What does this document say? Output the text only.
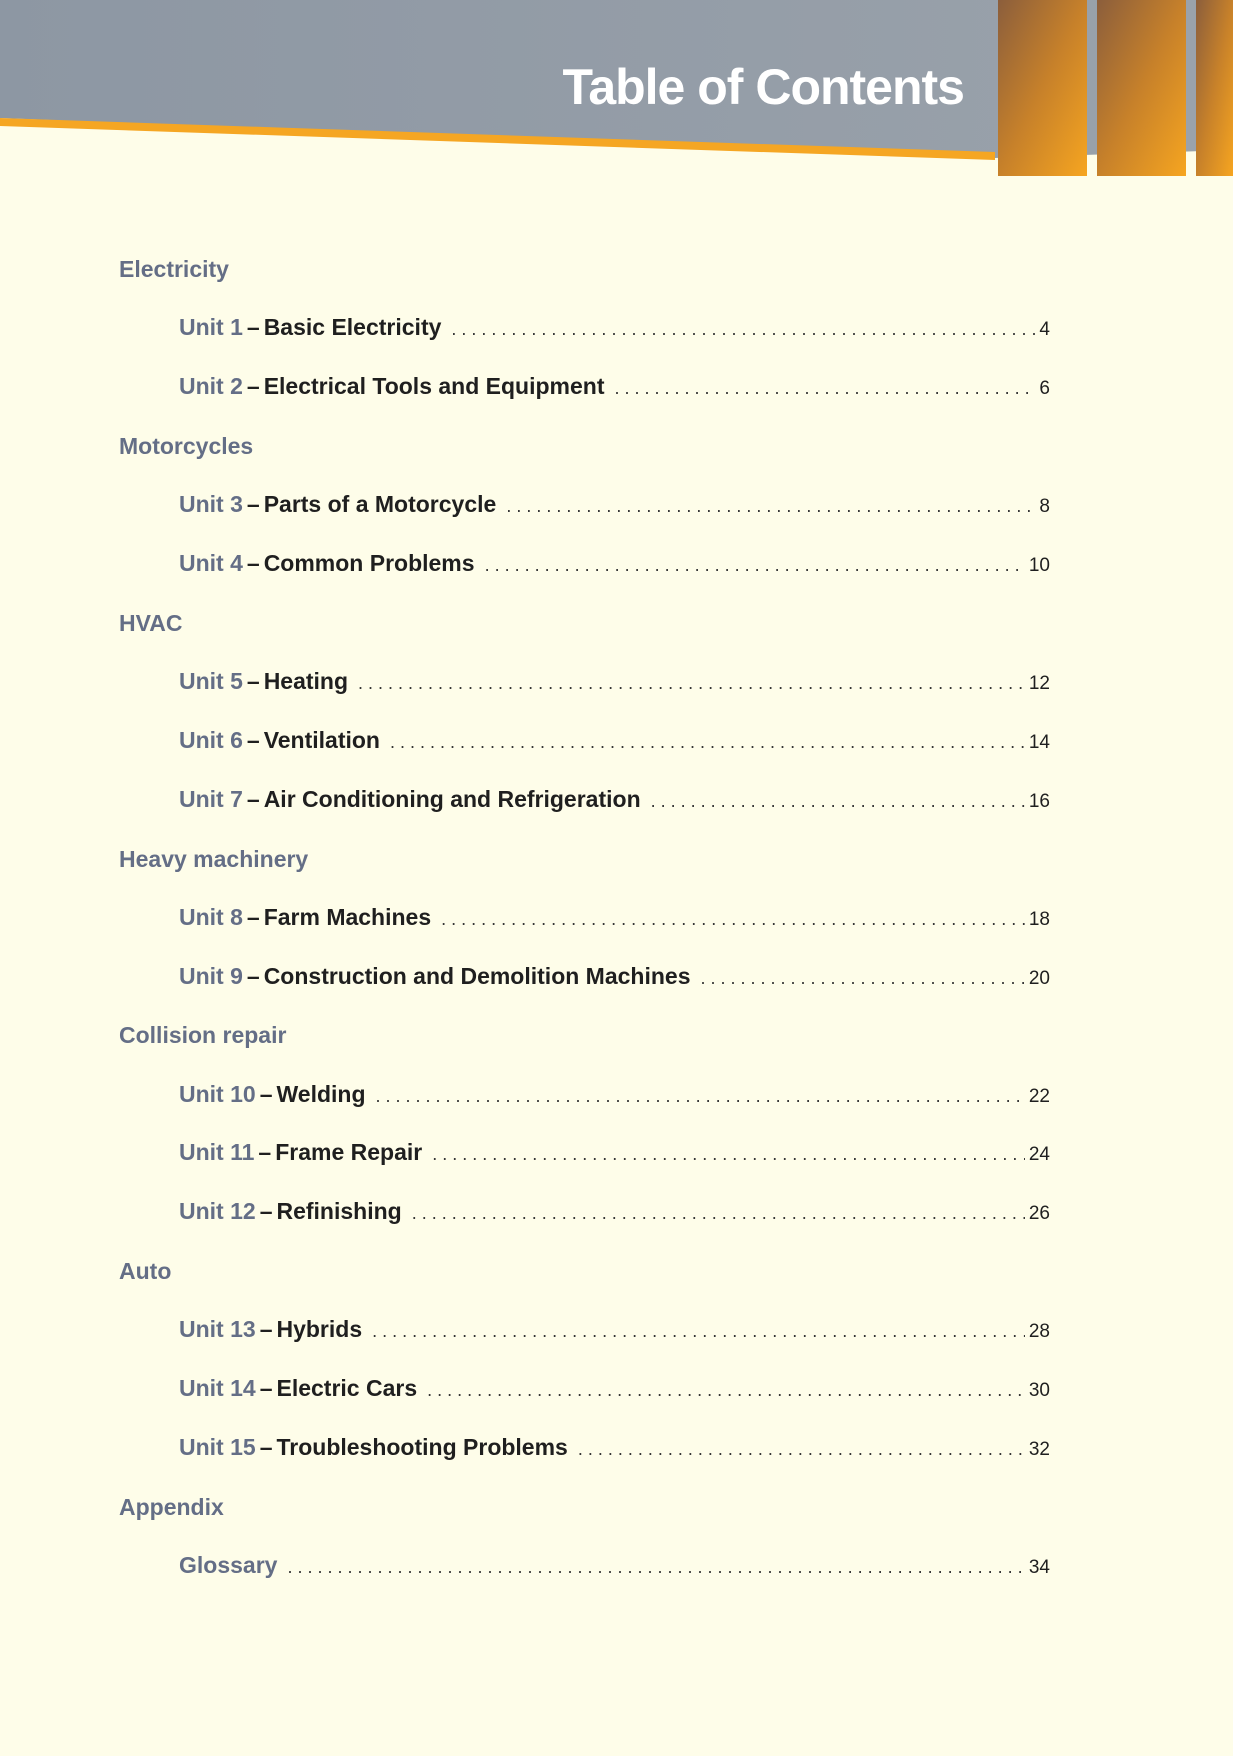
Table of Contents
Electricity
Unit 1 – Basic Electricity . . .	4
Unit 2 – Electrical Tools and Equipment . . .	6
Motorcycles
Unit 3 – Parts of a Motorcycle . . .	8
Unit 4 – Common Problems . . .	10
HVAC
Unit 5 – Heating . . .	12
Unit 6 – Ventilation . . .	14
Unit 7 – Air Conditioning and Refrigeration . . .	16
Heavy machinery
Unit 8 – Farm Machines . . .	18
Unit 9 – Construction and Demolition Machines . . .	20
Collision repair
Unit 10 – Welding . . .	22
Unit 11 – Frame Repair . . .	24
Unit 12 – Refinishing . . .	26
Auto
Unit 13 – Hybrids . . .	28
Unit 14 – Electric Cars . . .	30
Unit 15 – Troubleshooting Problems . . .	32
Appendix
Glossary . . .	34
